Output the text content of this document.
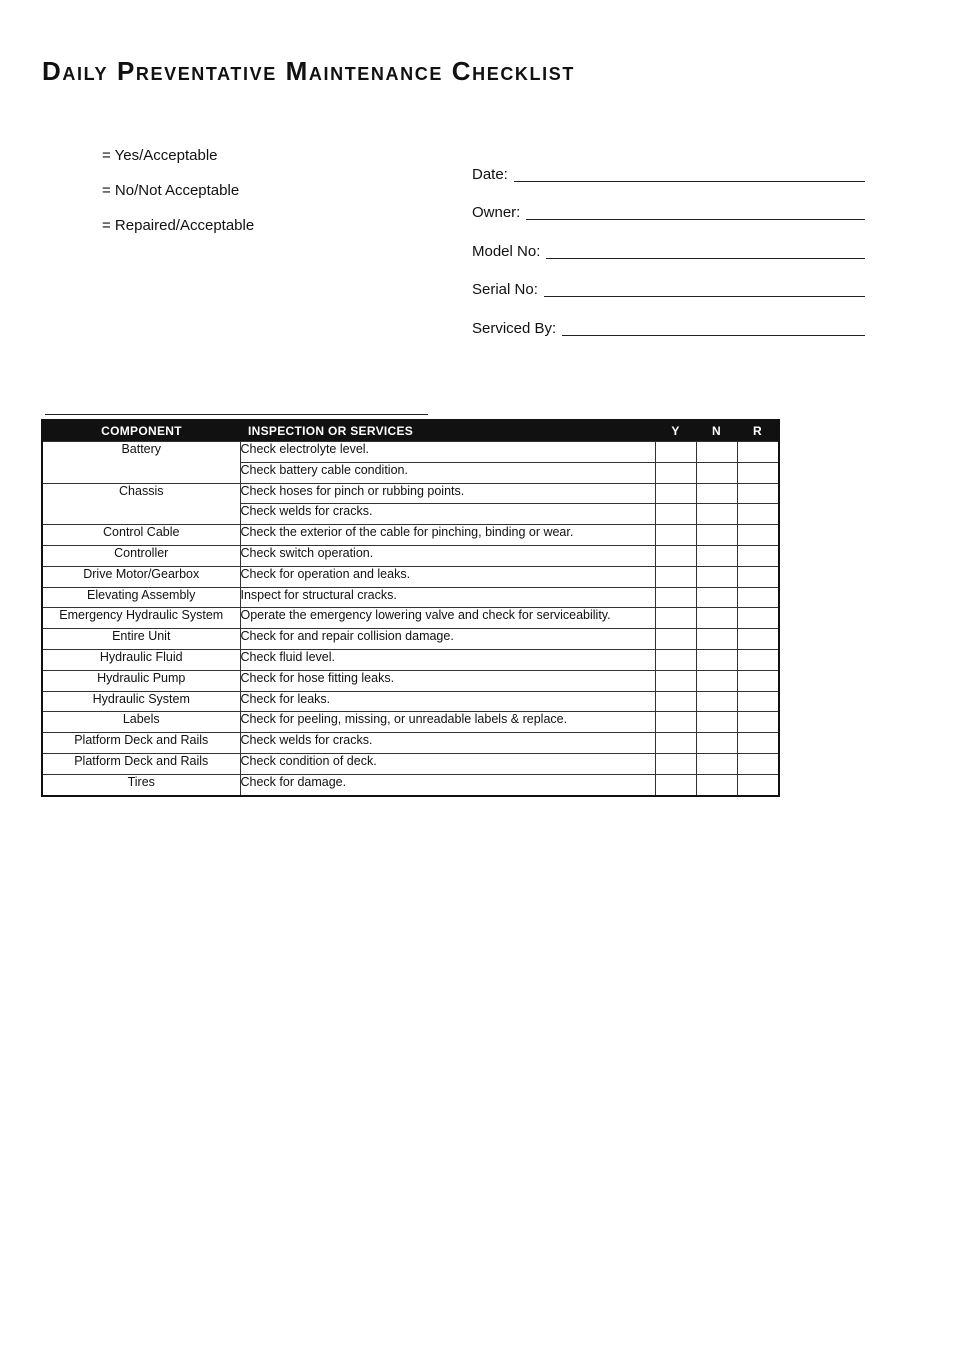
Daily Preventative Maintenance Checklist
= Yes/Acceptable
= No/Not Acceptable
= Repaired/Acceptable
Date:
Owner:
Model No:
Serial No:
Serviced By:
COMPONENT	INSPECTION OR SERVICES	Y	N	R
Battery	Check electrolyte level.			
	Check battery cable condition.			
Chassis	Check hoses for pinch or rubbing points.			
	Check welds for cracks.			
Control Cable	Check the exterior of the cable for pinching, binding or wear.			
Controller	Check switch operation.			
Drive Motor/Gearbox	Check for operation and leaks.			
Elevating Assembly	Inspect for structural cracks.			
Emergency Hydraulic System	Operate the emergency lowering valve and check for serviceability.			
Entire Unit	Check for and repair collision damage.			
Hydraulic Fluid	Check fluid level.			
Hydraulic Pump	Check for hose fitting leaks.			
Hydraulic System	Check for leaks.			
Labels	Check for peeling, missing, or unreadable labels & replace.			
Platform Deck and Rails	Check welds for cracks.			
Platform Deck and Rails	Check condition of deck.			
Tires	Check for damage.			
